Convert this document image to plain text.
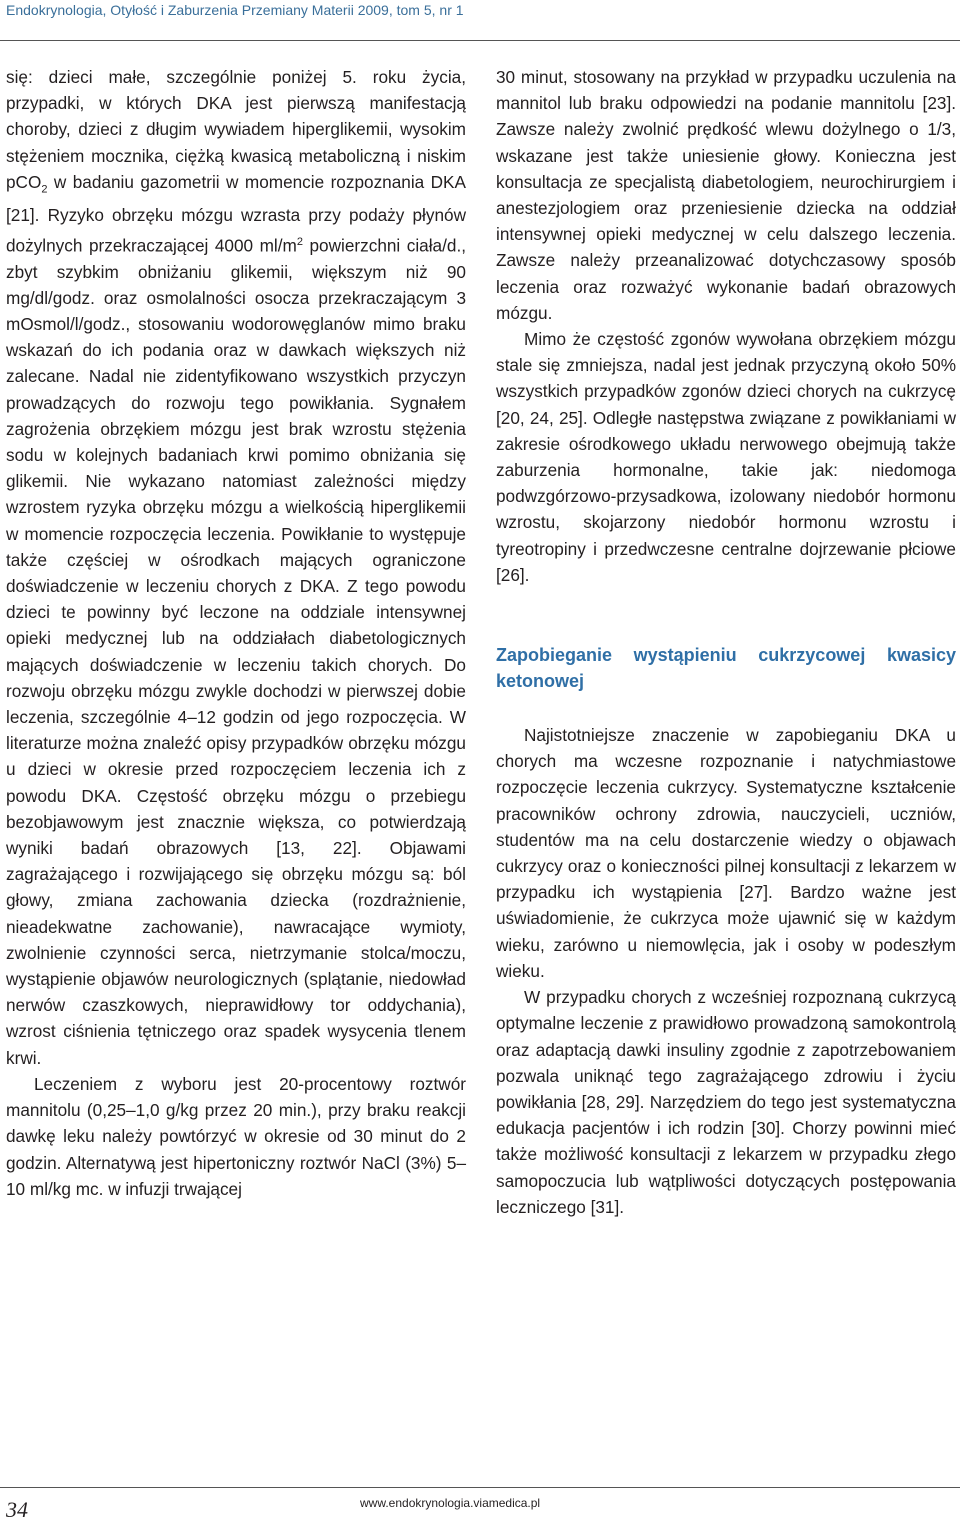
Endokrynologia, Otyłość i Zaburzenia Przemiany Materii 2009, tom 5, nr 1

się: dzieci małe, szczególnie poniżej 5. roku życia, przypadki, w których DKA jest pierwszą manifestacją choroby, dzieci z długim wywiadem hiperglikemii, wysokim stężeniem mocznika, ciężką kwasicą metaboliczną i niskim pCO$_2$ w badaniu gazometrii w momencie rozpoznania DKA [21]. Ryzyko obrzęku mózgu wzrasta przy podaży płynów dożylnych przekraczającej 4000 $ml/m^2$ powierzchni ciała/d., zbyt szybkim obniżaniu glikemii, większym niż 90 mg/dl/godz. oraz osmolalności osocza przekraczającym 3 mOsmol/l/godz., stosowaniu wodorowęglanów mimo braku wskazań do ich podania oraz w dawkach większych niż zalecane. Nadal nie zidentyfikowano wszystkich przyczyn prowadzących do rozwoju tego powikłania. Sygnałem zagrożenia obrzękiem mózgu jest brak wzrostu stężenia sodu w kolejnych badaniach krwi pomimo obniżania się glikemii. Nie wykazano natomiast zależności między wzrostem ryzyka obrzęku mózgu a wielkością hiperglikemii w momencie rozpoczęcia leczenia. Powikłanie to występuje także częściej w ośrodkach mających ograniczone doświadczenie w leczeniu chorych z DKA. Z tego powodu dzieci te powinny być leczone na oddziale intensywnej opieki medycznej lub na oddziałach diabetologicznych mających doświadczenie w leczeniu takich chorych. Do rozwoju obrzęku mózgu zwykle dochodzi w pierwszej dobie leczenia, szczególnie 4–12 godzin od jego rozpoczęcia. W literaturze można znaleźć opisy przypadków obrzęku mózgu u dzieci w okresie przed rozpoczęciem leczenia ich z powodu DKA. Częstość obrzęku mózgu o przebiegu bezobjawowym jest znacznie większa, co potwierdzają wyniki badań obrazowych [13, 22]. Objawami zagrażającego i rozwijającego się obrzęku mózgu są: ból głowy, zmiana zachowania dziecka (rozdrażnienie, nieadekwatne zachowanie), nawracające wymioty, zwolnienie czynności serca, nietrzymanie stolca/moczu, wystąpienie objawów neurologicznych (splątanie, niedowład nerwów czaszkowych, nieprawidłowy tor oddychania), wzrost ciśnienia tętniczego oraz spadek wysycenia tlenem krwi.

Leczeniem z wyboru jest 20-procentowy roztwór mannitolu (0,25–1,0 g/kg przez 20 min.), przy braku reakcji dawkę leku należy powtórzyć w okresie od 30 minut do 2 godzin. Alternatywą jest hipertoniczny roztwór NaCl (3%) 5–10 ml/kg mc. w infuzji trwającej

30 minut, stosowany na przykład w przypadku uczulenia na mannitol lub braku odpowiedzi na podanie mannitolu [23]. Zawsze należy zwolnić prędkość wlewu dożylnego o 1/3, wskazane jest także uniesienie głowy. Konieczna jest konsultacja ze specjalistą diabetologiem, neurochirurgiem i anestezjologiem oraz przeniesienie dziecka na oddział intensywnej opieki medycznej w celu dalszego leczenia. Zawsze należy przeanalizować dotychczasowy sposób leczenia oraz rozważyć wykonanie badań obrazowych mózgu.

Mimo że częstość zgonów wywołana obrzękiem mózgu stale się zmniejsza, nadal jest jednak przyczyną około 50% wszystkich przypadków zgonów dzieci chorych na cukrzycę [20, 24, 25]. Odległe następstwa związane z powikłaniami w zakresie ośrodkowego układu nerwowego obejmują także zaburzenia hormonalne, takie jak: niedomoga podwzgórzowo-przysadkowa, izolowany niedobór hormonu wzrostu, skojarzony niedobór hormonu wzrostu i tyreotropiny i przedwczesne centralne dojrzewanie płciowe [26].

Zapobieganie wystąpieniu cukrzycowej kwasicy ketonowej

Najistotniejsze znaczenie w zapobieganiu DKA u chorych ma wczesne rozpoznanie i natychmiastowe rozpoczęcie leczenia cukrzycy. Systematyczne kształcenie pracowników ochrony zdrowia, nauczycieli, uczniów, studentów ma na celu dostarczenie wiedzy o objawach cukrzycy oraz o konieczności pilnej konsultacji z lekarzem w przypadku ich wystąpienia [27]. Bardzo ważne jest uświadomienie, że cukrzyca może ujawnić się w każdym wieku, zarówno u niemowlęcia, jak i osoby w podeszłym wieku.

W przypadku chorych z wcześniej rozpoznaną cukrzycą optymalne leczenie z prawidłowo prowadzoną samokontrolą oraz adaptacją dawki insuliny zgodnie z zapotrzebowaniem pozwala uniknąć tego zagrażającego zdrowiu i życiu powikłania [28, 29]. Narzędziem do tego jest systematyczna edukacja pacjentów i ich rodzin [30]. Chorzy powinni mieć także możliwość konsultacji z lekarzem w przypadku złego samopoczucia lub wątpliwości dotyczących postępowania leczniczego [31].

34	www.endokrynologia.viamedica.pl
